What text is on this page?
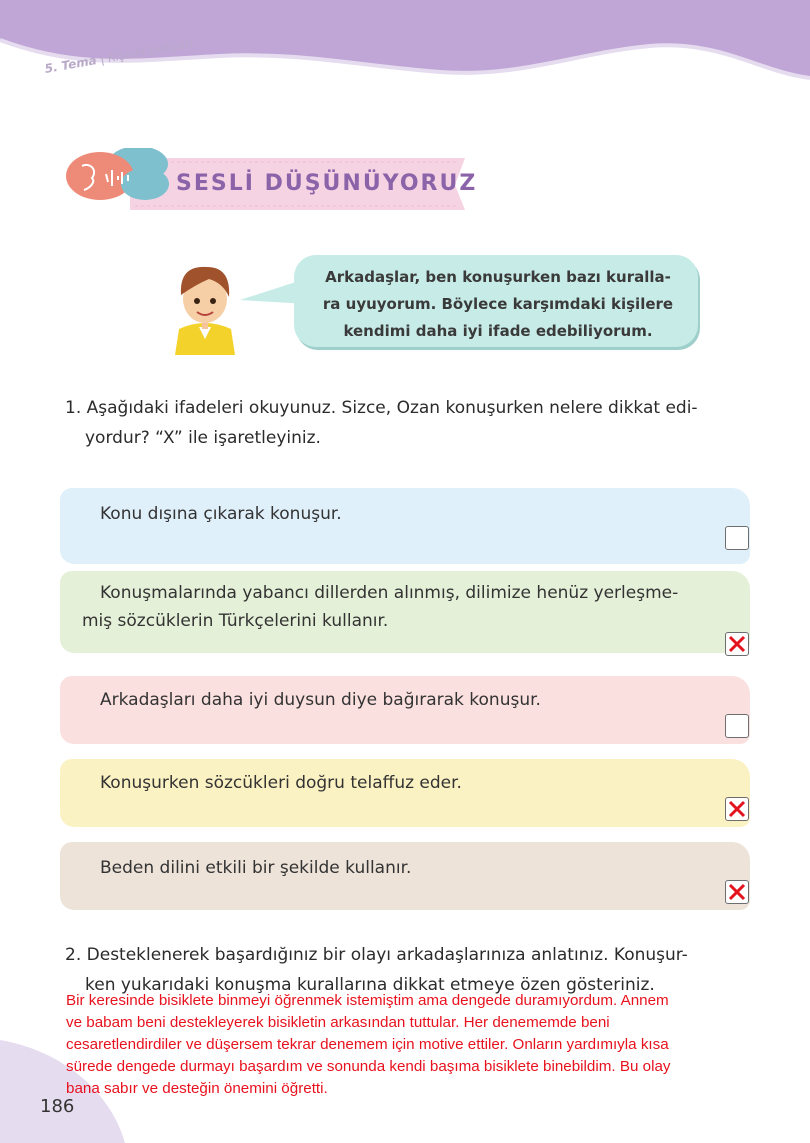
5. Tema | Kişisel Gelişim
SESLİ DÜŞÜNÜYORUZ
Arkadaşlar, ben konuşurken bazı kuralla-
ra uyuyorum. Böylece karşımdaki kişilere
kendimi daha iyi ifade edebiliyorum.
1. Aşağıdaki ifadeleri okuyunuz. Sizce, Ozan konuşurken nelere dikkat edi-
yordur? “X” ile işaretleyiniz.
Konu dışına çıkarak konuşur.
Konuşmalarında yabancı dillerden alınmış, dilimize henüz yerleşme-
miş sözcüklerin Türkçelerini kullanır.
Arkadaşları daha iyi duysun diye bağırarak konuşur.
Konuşurken sözcükleri doğru telaffuz eder.
Beden dilini etkili bir şekilde kullanır.
2. Desteklenerek başardığınız bir olayı arkadaşlarınıza anlatınız. Konuşur-
ken yukarıdaki konuşma kurallarına dikkat etmeye özen gösteriniz.
186
Bir keresinde bisiklete binmeyi öğrenmek istemiştim ama dengede duramıyordum. Annem
ve babam beni destekleyerek bisikletin arkasından tuttular. Her denememde beni
cesaretlendirdiler ve düşersem tekrar denemem için motive ettiler. Onların yardımıyla kısa
sürede dengede durmayı başardım ve sonunda kendi başıma bisiklete binebildim. Bu olay
bana sabır ve desteğin önemini öğretti.
